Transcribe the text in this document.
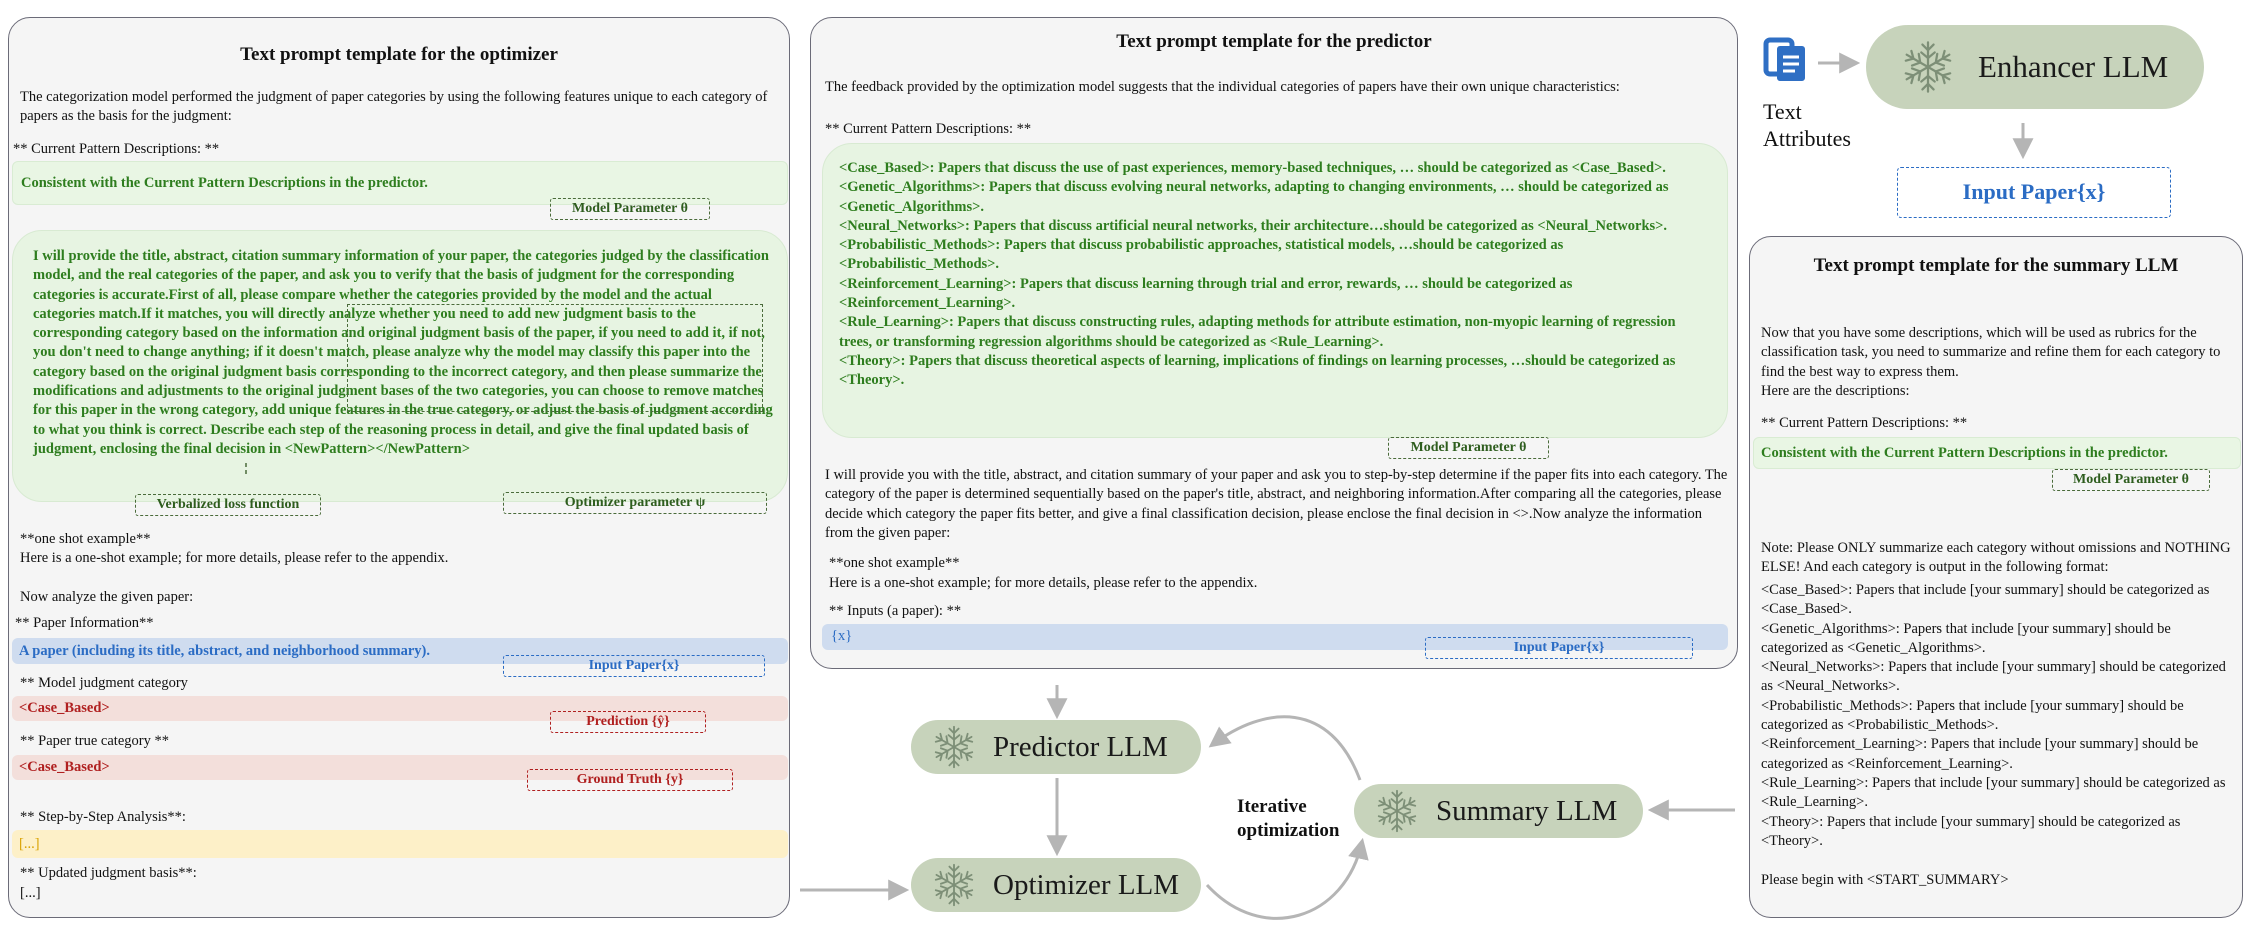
Text prompt template for the optimizer
The categorization model performed the judgment of paper categories by using the following features unique to each category of papers as the basis for the judgment:
** Current Pattern Descriptions: **
Consistent with the Current Pattern Descriptions in the predictor.
Model Parameter θ
I will provide the title, abstract, citation summary information of your paper, the categories judged by the classification model, and the real categories of the paper, and ask you to verify that the basis of judgment for the corresponding categories is accurate.First of all, please compare whether the categories provided by the model and the actual categories match.If it matches, you will directly analyze whether you need to add new judgment basis to the corresponding category based on the information and original judgment basis of the paper, if you need to add it, if not, you don't need to change anything; if it doesn't match, please analyze why the model may classify this paper into the category based on the original judgment basis corresponding to the incorrect category, and then please summarize the modifications and adjustments to the original judgment bases of the two categories, you can choose to remove matches for this paper in the wrong category, add unique features in the true category, or adjust the basis of judgment according to what you think is correct. Describe each step of the reasoning process in detail, and give the final updated basis of judgment, enclosing the final decision in <NewPattern></NewPattern>
Verbalized loss function	Optimizer parameter ψ
**one shot example**
Here is a one-shot example; for more details, please refer to the appendix.
Now analyze the given paper:
** Paper Information**
A paper (including its title, abstract, and neighborhood summary).
Input Paper{x}
** Model judgment category
<Case_Based>
Prediction {ŷ}
** Paper true category **
<Case_Based>
Ground Truth {y}
** Step-by-Step Analysis**:
[...]
** Updated judgment basis**:
[...]
Text prompt template for the predictor
The feedback provided by the optimization model suggests that the individual categories of papers have their own unique characteristics:
** Current Pattern Descriptions: **
<Case_Based>: Papers that discuss the use of past experiences, memory-based techniques, … should be categorized as <Case_Based>.
<Genetic_Algorithms>: Papers that discuss evolving neural networks, adapting to changing environments, … should be categorized as <Genetic_Algorithms>.
<Neural_Networks>: Papers that discuss artificial neural networks, their architecture…should be categorized as <Neural_Networks>.
<Probabilistic_Methods>: Papers that discuss probabilistic approaches, statistical models, …should be categorized as <Probabilistic_Methods>.
<Reinforcement_Learning>: Papers that discuss learning through trial and error, rewards, … should be categorized as <Reinforcement_Learning>.
<Rule_Learning>: Papers that discuss constructing rules, adapting methods for attribute estimation, non-myopic learning of regression trees, or transforming regression algorithms should be categorized as <Rule_Learning>.
<Theory>: Papers that discuss theoretical aspects of learning, implications of findings on learning processes, …should be categorized as <Theory>.
Model Parameter θ
I will provide you with the title, abstract, and citation summary of your paper and ask you to step-by-step determine if the paper fits into each category. The category of the paper is determined sequentially based on the paper's title, abstract, and neighboring information.After comparing all the categories, please decide which category the paper fits better, and give a final classification decision, please enclose the final decision in <>.Now analyze the information from the given paper:
**one shot example**
Here is a one-shot example; for more details, please refer to the appendix.
** Inputs (a paper): **
{x}
Input Paper{x}
Text prompt template for the summary LLM
Now that you have some descriptions, which will be used as rubrics for the classification task, you need to summarize and refine them for each category to find the best way to express them.
Here are the descriptions:
** Current Pattern Descriptions: **
Consistent with the Current Pattern Descriptions in the predictor.
Model Parameter θ
Note: Please ONLY summarize each category without omissions and NOTHING ELSE! And each category is output in the following format:
<Case_Based>: Papers that include [your summary] should be categorized as <Case_Based>.
<Genetic_Algorithms>: Papers that include [your summary] should be categorized as <Genetic_Algorithms>.
<Neural_Networks>: Papers that include [your summary] should be categorized as <Neural_Networks>.
<Probabilistic_Methods>: Papers that include [your summary] should be categorized as <Probabilistic_Methods>.
<Reinforcement_Learning>: Papers that include [your summary] should be categorized as <Reinforcement_Learning>.
<Rule_Learning>: Papers that include [your summary] should be categorized as <Rule_Learning>.
<Theory>: Papers that include [your summary] should be categorized as <Theory>.
Please begin with <START_SUMMARY>
Text
Attributes
Enhancer LLM
Input Paper{x}
Predictor LLM
Optimizer LLM
Summary LLM
Iterative
optimization
